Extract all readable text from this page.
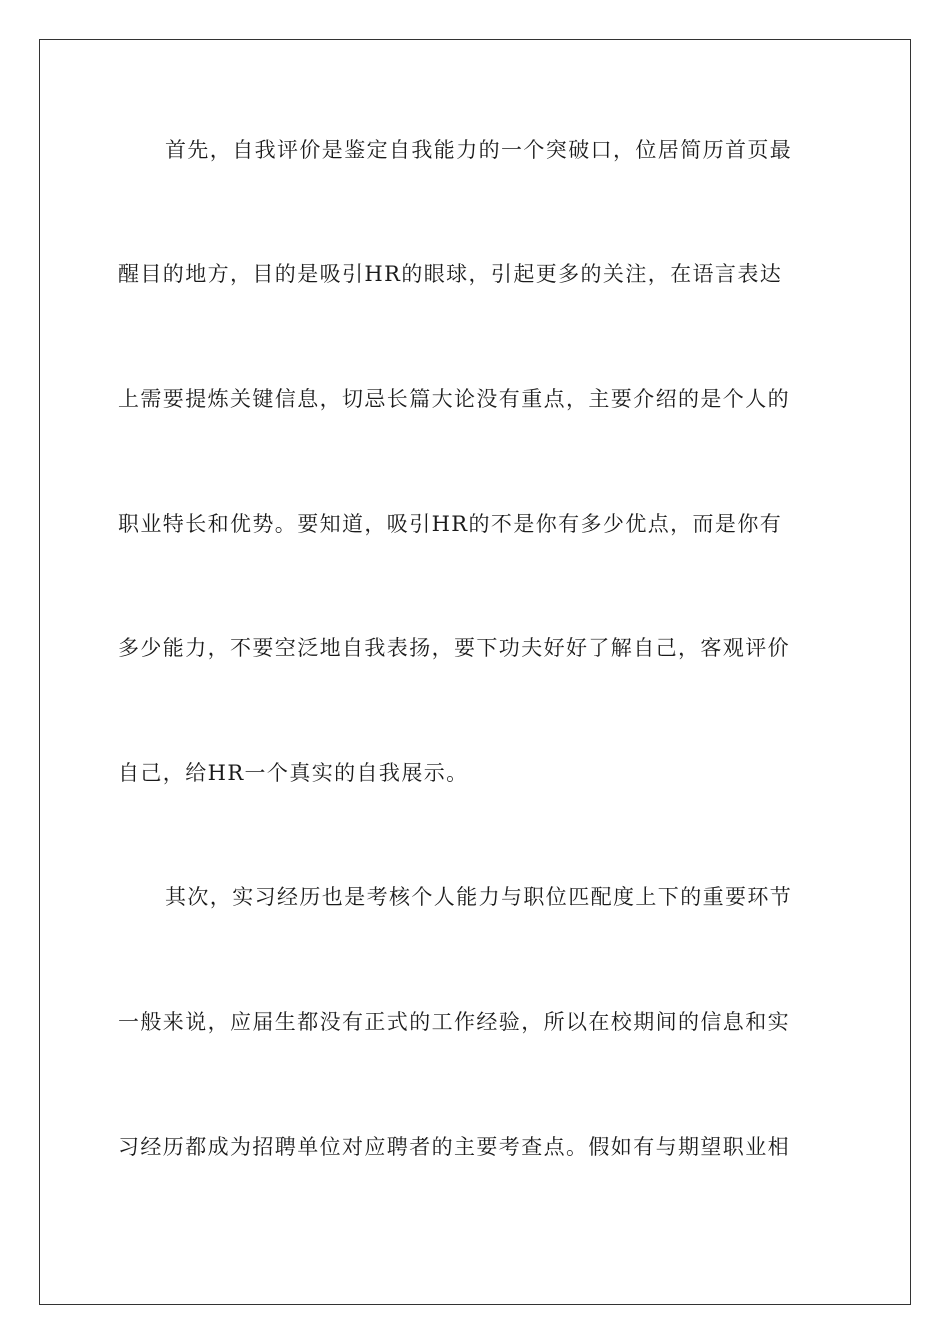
首先，自我评价是鉴定自我能力的一个突破口，位居简历首页最
醒目的地方，目的是吸引HR的眼球，引起更多的关注，在语言表达
上需要提炼关键信息，切忌长篇大论没有重点，主要介绍的是个人的
职业特长和优势。要知道，吸引HR的不是你有多少优点，而是你有
多少能力，不要空泛地自我表扬，要下功夫好好了解自己，客观评价
自己，给HR一个真实的自我展示。
其次，实习经历也是考核个人能力与职位匹配度上下的重要环节
一般来说，应届生都没有正式的工作经验，所以在校期间的信息和实
习经历都成为招聘单位对应聘者的主要考查点。假如有与期望职业相
